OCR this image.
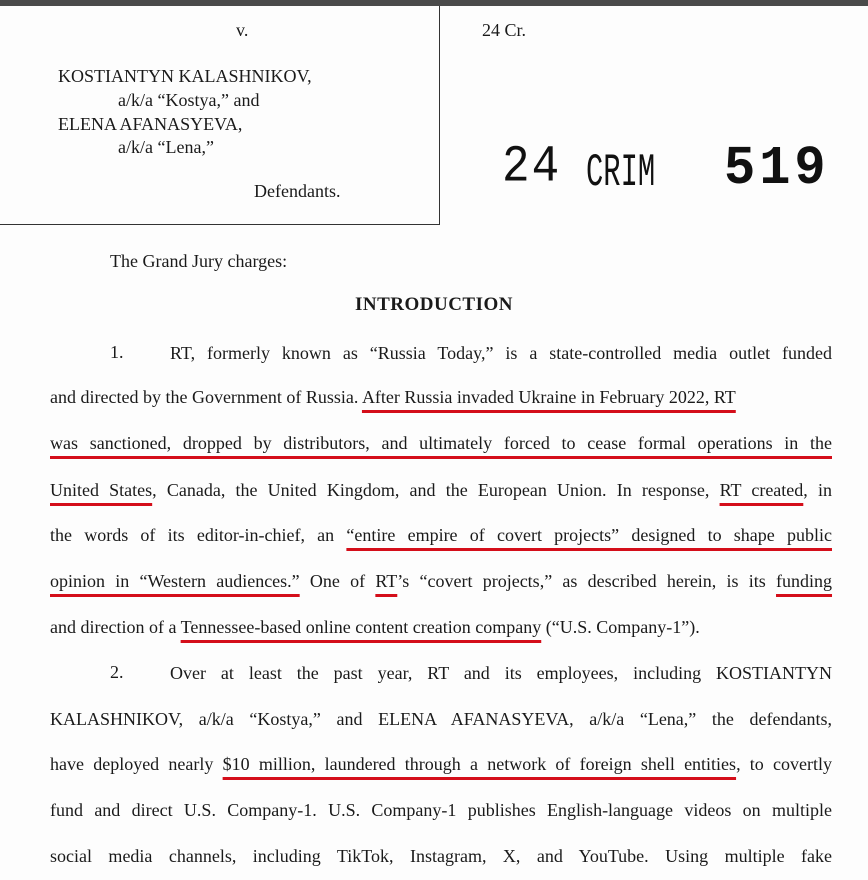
v.	24 Cr.
KOSTIANTYN KALASHNIKOV,
a/k/a “Kostya,” and
ELENA AFANASYEVA,
a/k/a “Lena,”
Defendants.	24 CRIM 519
The Grand Jury charges:
INTRODUCTION
1.	RT, formerly known as “Russia Today,” is a state-controlled media outlet funded
and directed by the Government of Russia. After Russia invaded Ukraine in February 2022, RT
was sanctioned, dropped by distributors, and ultimately forced to cease formal operations in the
United States, Canada, the United Kingdom, and the European Union. In response, RT created, in
the words of its editor-in-chief, an “entire empire of covert projects” designed to shape public
opinion in “Western audiences.” One of RT’s “covert projects,” as described herein, is its funding
and direction of a Tennessee-based online content creation company (“U.S. Company-1”).
2.	Over at least the past year, RT and its employees, including KOSTIANTYN
KALASHNIKOV, a/k/a “Kostya,” and ELENA AFANASYEVA, a/k/a “Lena,” the defendants,
have deployed nearly $10 million, laundered through a network of foreign shell entities, to covertly
fund and direct U.S. Company-1. U.S. Company-1 publishes English-language videos on multiple
social media channels, including TikTok, Instagram, X, and YouTube. Using multiple fake
